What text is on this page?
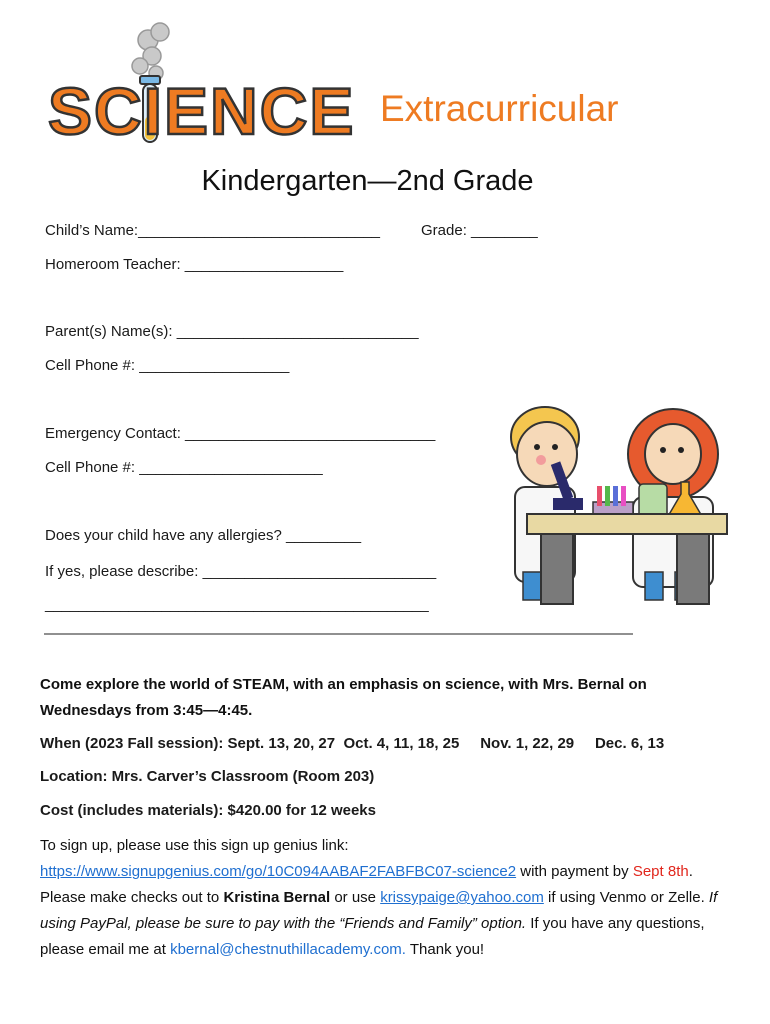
SCIENCE Extracurricular
Kindergarten—2nd Grade
Child’s Name:_____________________________	Grade: ________
Homeroom Teacher: ___________________
Parent(s) Name(s): _____________________________
Cell Phone #: __________________
Emergency Contact: ______________________________
Cell Phone #: ______________________
Does your child have any allergies? _________
If yes, please describe: ____________________________
______________________________________________
——————————————————————————————————————————
Come explore the world of STEAM, with an emphasis on science, with Mrs. Bernal on Wednesdays from 3:45—4:45.
When (2023 Fall session): Sept. 13, 20, 27  Oct. 4, 11, 18, 25     Nov. 1, 22, 29     Dec. 6, 13
Location: Mrs. Carver’s Classroom (Room 203)
Cost (includes materials): $420.00 for 12 weeks
To sign up, please use this sign up genius link:
https://www.signupgenius.com/go/10C094AABAF2FABFBC07-science2 with payment by Sept 8th. Please make checks out to Kristina Bernal or use krissypaige@yahoo.com if using Venmo or Zelle. If using PayPal, please be sure to pay with the “Friends and Family” option. If you have any questions, please email me at kbernal@chestnuthillacademy.com. Thank you!
